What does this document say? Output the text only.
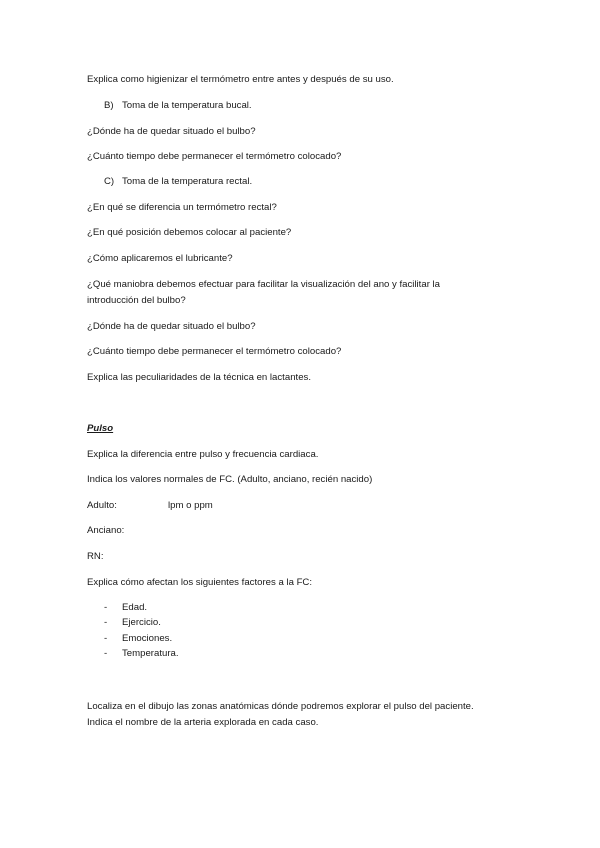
Explica como higienizar el termómetro entre antes y después de su uso.
B) Toma de la temperatura bucal.
¿Dónde ha de quedar situado el bulbo?
¿Cuánto tiempo debe permanecer el termómetro colocado?
C) Toma de la temperatura rectal.
¿En qué se diferencia un termómetro rectal?
¿En qué posición debemos colocar al paciente?
¿Cómo aplicaremos el lubricante?
¿Qué maniobra debemos efectuar para facilitar la visualización del ano y facilitar la
introducción del bulbo?
¿Dónde ha de quedar situado el bulbo?
¿Cuánto tiempo debe permanecer el termómetro colocado?
Explica las peculiaridades de la técnica en lactantes.
Pulso
Explica la diferencia entre pulso y frecuencia cardiaca.
Indica los valores normales de FC. (Adulto, anciano, recién nacido)
Adulto:	lpm o ppm
Anciano:
RN:
Explica cómo afectan los siguientes factores a la FC:
- Edad.
- Ejercicio.
- Emociones.
- Temperatura.
Localiza en el dibujo las zonas anatómicas dónde podremos explorar el pulso del paciente.
Indica el nombre de la arteria explorada en cada caso.
